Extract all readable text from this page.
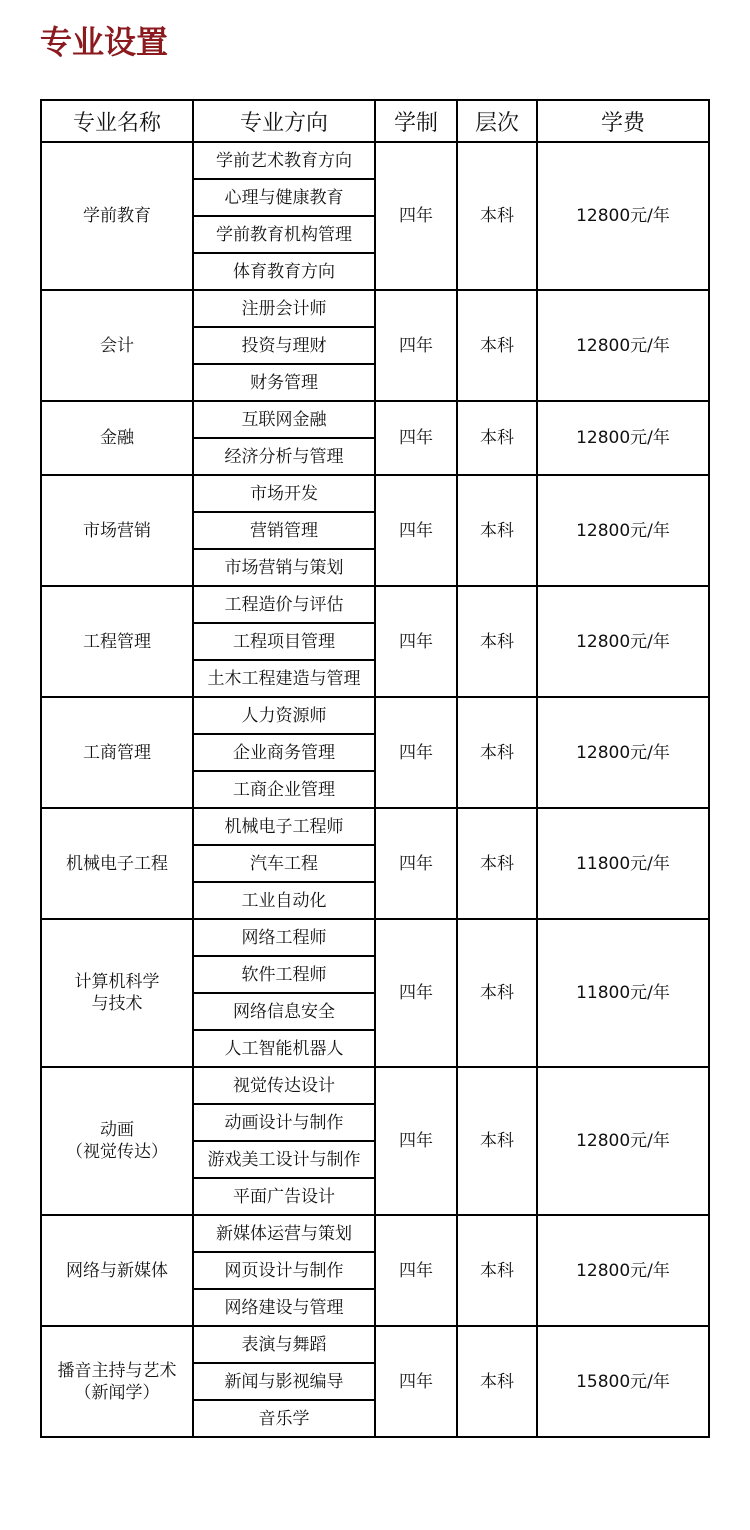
专业设置
专业名称	专业方向	学制	层次	学费

学前教育	学前艺术教育方向	四年	本科	12800元/年
	心理与健康教育			
	学前教育机构管理			
	体育教育方向			

会计	注册会计师	四年	本科	12800元/年
	投资与理财			
	财务管理			

金融	互联网金融	四年	本科	12800元/年
	经济分析与管理			

市场营销	市场开发	四年	本科	12800元/年
	营销管理			
	市场营销与策划			

工程管理	工程造价与评估	四年	本科	12800元/年
	工程项目管理			
	土木工程建造与管理			

工商管理	人力资源师	四年	本科	12800元/年
	企业商务管理			
	工商企业管理			

机械电子工程	机械电子工程师	四年	本科	11800元/年
	汽车工程			
	工业自动化			

计算机科学
与技术	网络工程师	四年	本科	11800元/年
	软件工程师			
	网络信息安全			
	人工智能机器人			

动画
（视觉传达）	视觉传达设计	四年	本科	12800元/年
	动画设计与制作			
	游戏美工设计与制作			
	平面广告设计			

网络与新媒体	新媒体运营与策划	四年	本科	12800元/年
	网页设计与制作			
	网络建设与管理			

播音主持与艺术
（新闻学）	表演与舞蹈	四年	本科	15800元/年
	新闻与影视编导			
	音乐学			
